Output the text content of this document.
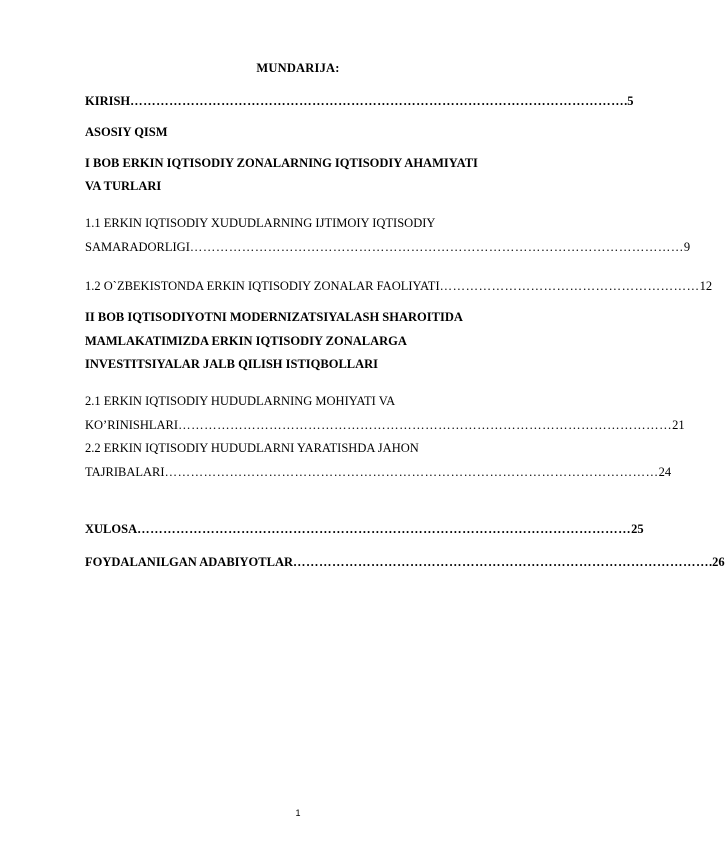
MUNDARIJA:
KIRISH …………………………………………………………………………………………………… .5
ASOSIY QISM
I BOB ERKIN IQTISODIY ZONALARNING IQTISODIY AHAMIYATI
VA TURLARI
1.1 ERKIN IQTISODIY XUDUDLARNING IJTIMOIY IQTISODIY
SAMARADORLIGI …………………………………………………………………………………………………… 9
1.2 O`ZBEKISTONDA ERKIN IQTISODIY ZONALAR FAOLIYATI …………………………………………………… 12
II BOB IQTISODIYOTNI MODERNIZATSIYALASH SHAROITIDA
MAMLAKATIMIZDA ERKIN IQTISODIY ZONALARGA
INVESTITSIYALAR JALB QILISH ISTIQBOLLARI
2.1 ERKIN IQTISODIY HUDUDLARNING MOHIYATI VA
KO’RINISHLARI …………………………………………………………………………………………………… 21
2.2 ERKIN IQTISODIY HUDUDLARNI YARATISHDA JAHON
TAJRIBALARI …………………………………………………………………………………………………… 24
XULOSA …………………………………………………………………………………………………… 25
FOYDALANILGAN ADABIYOTLAR …………………………………………………………………………………… .26
1
